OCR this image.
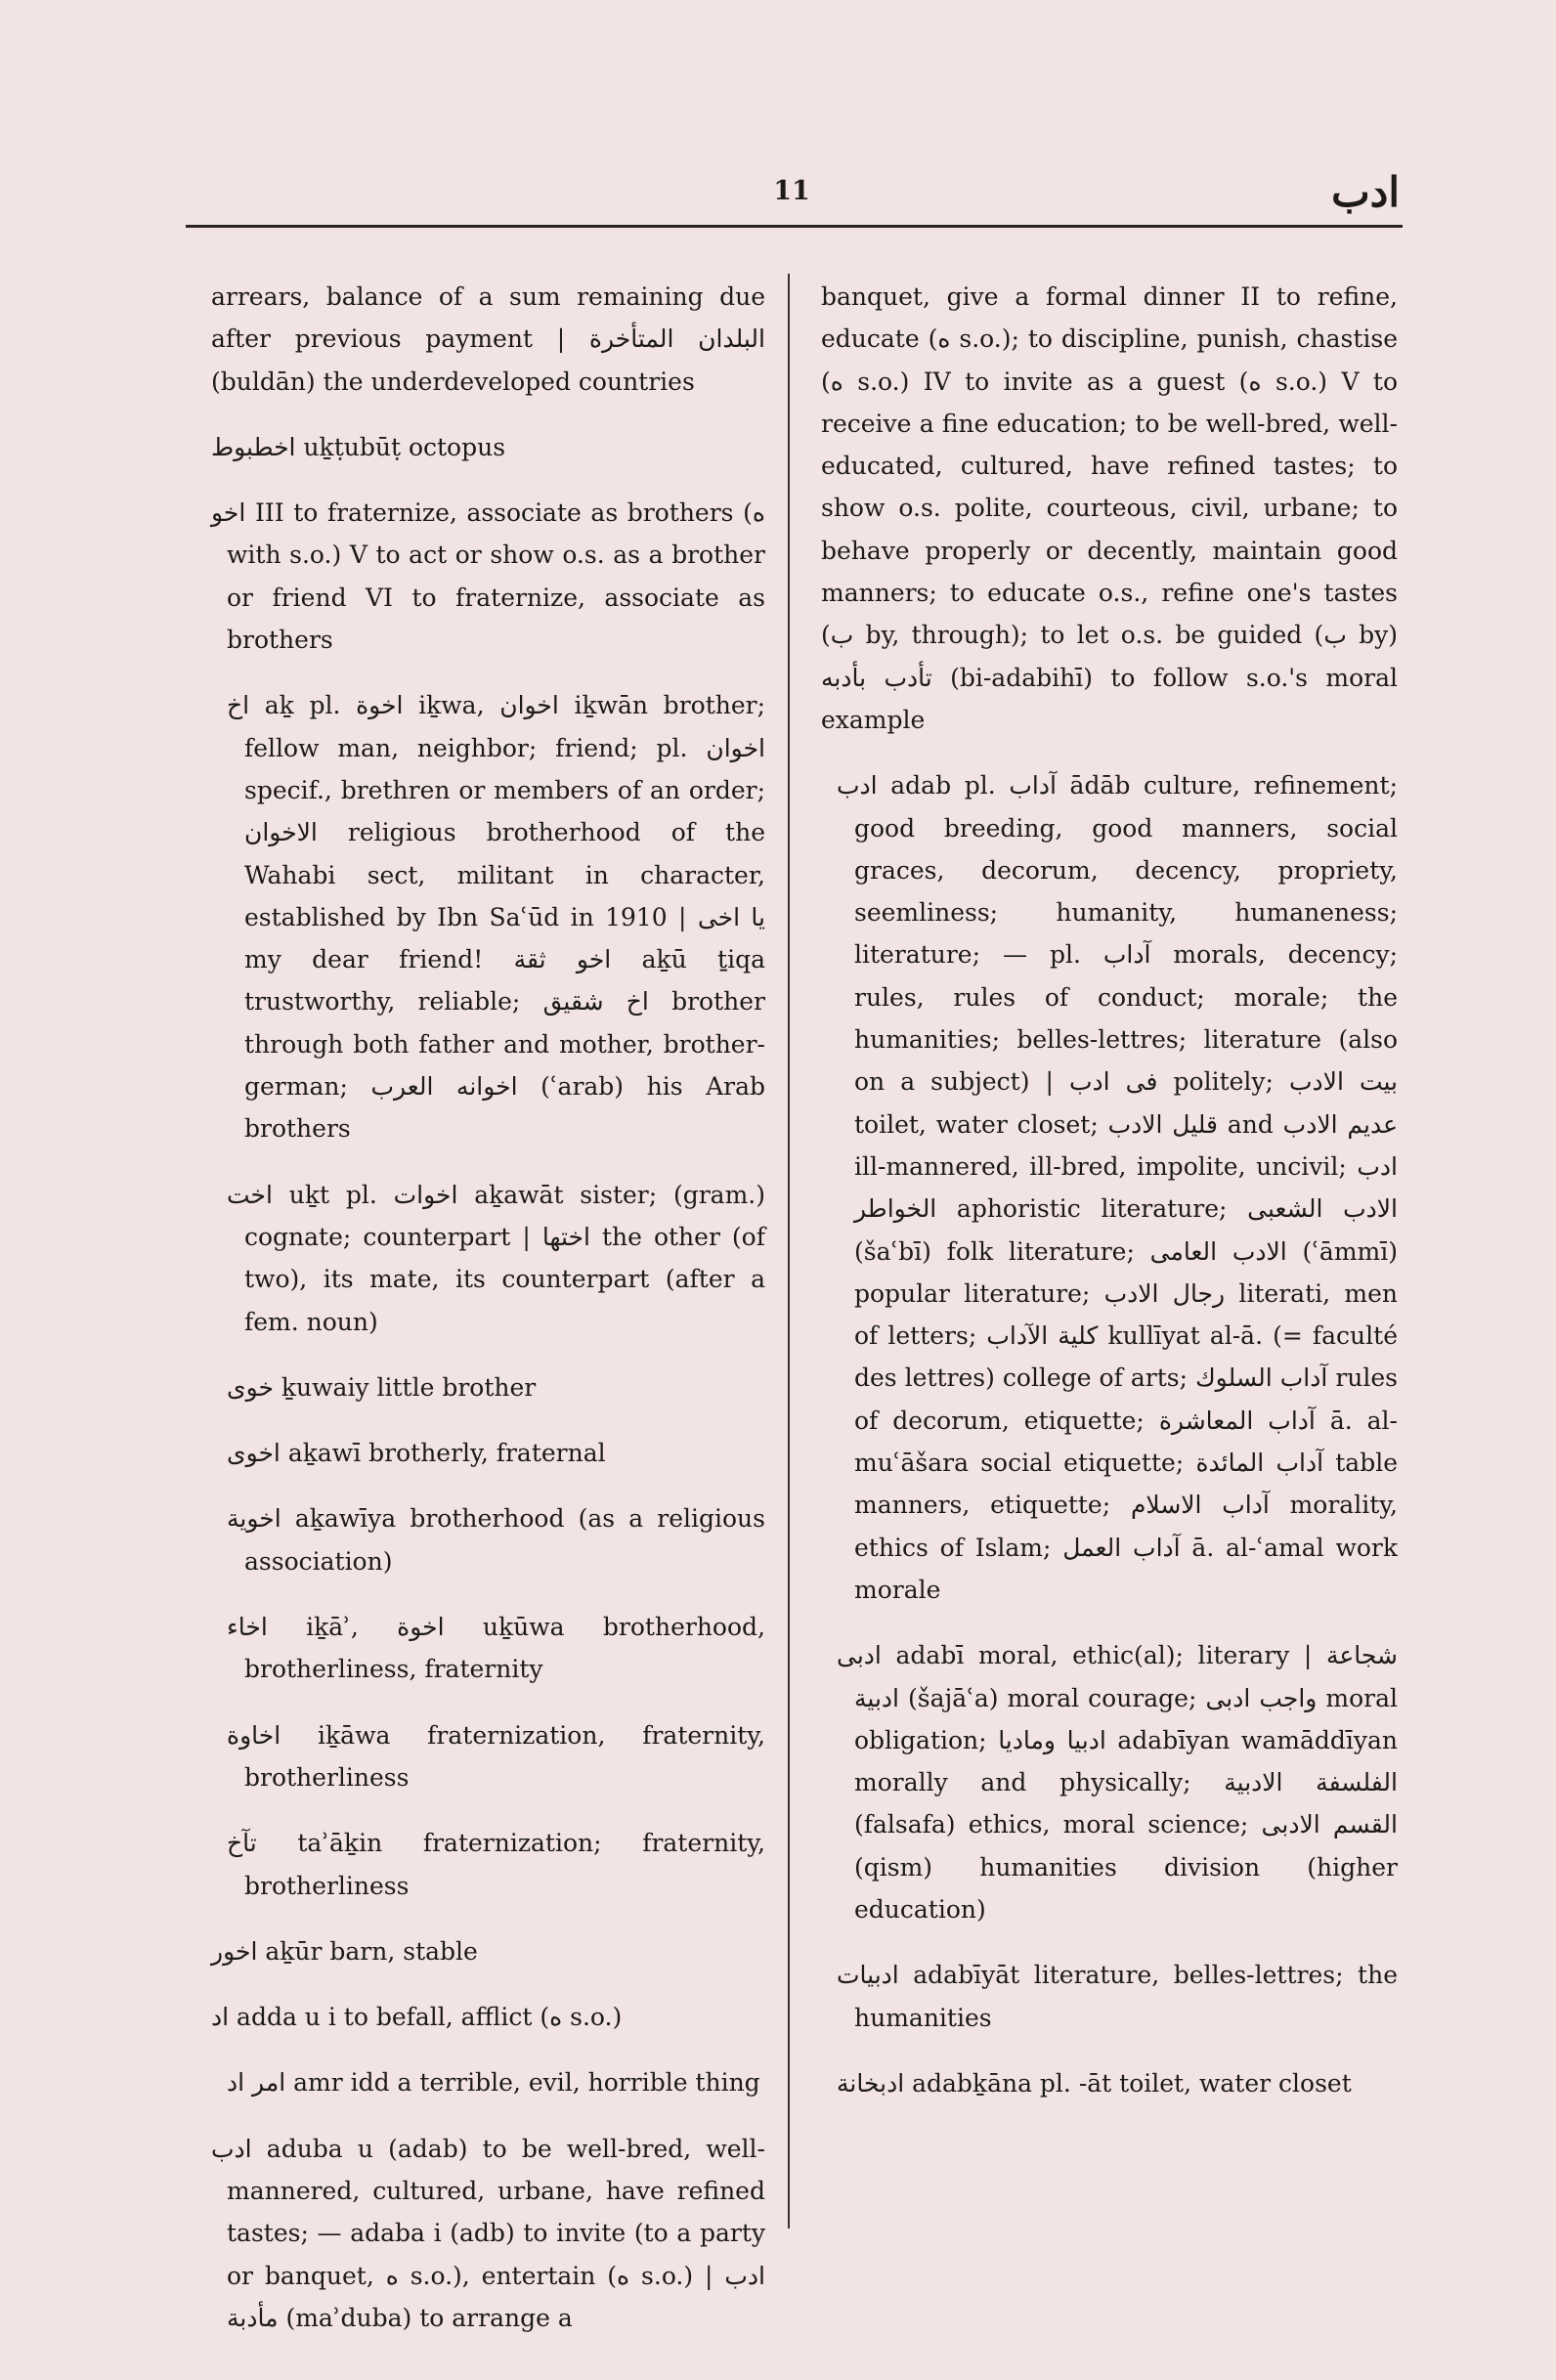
11	ادب

arrears, balance of a sum remaining due after previous payment | البلدان المتأخرة (buldān) the underdeveloped countries

اخطبوط uḵṭubūṭ octopus

اخو III to fraternize, associate as brothers (ه with s.o.) V to act or show o.s. as a brother or friend VI to fraternize, associate as brothers

اخ aḵ pl. اخوة iḵwa, اخوان iḵwān brother; fellow man, neighbor; friend; pl. اخوان specif., brethren or members of an order; الاخوان religious brotherhood of the Wahabi sect, militant in character, established by Ibn Saʿūd in 1910 | يا اخى my dear friend! اخو ثقة aḵū ṯiqa trustworthy, reliable; اخ شقيق brother through both father and mother, brother-german; اخوانه العرب (ʿarab) his Arab brothers

اخت uḵt pl. اخوات aḵawāt sister; (gram.) cognate; counterpart | اختها the other (of two), its mate, its counterpart (after a fem. noun)

خوى ḵuwaiy little brother

اخوى aḵawī brotherly, fraternal

اخوية aḵawīya brotherhood (as a religious association)

اخاء iḵāʾ, اخوة uḵūwa brotherhood, brotherliness, fraternity

اخاوة iḵāwa fraternization, fraternity, brotherliness

تآخ taʾāḵin fraternization; fraternity, brotherliness

اخور aḵūr barn, stable

اد adda u i to befall, afflict (ه s.o.)

امر اد amr idd a terrible, evil, horrible thing

ادب aduba u (adab) to be well-bred, well-mannered, cultured, urbane, have refined tastes; — adaba i (adb) to invite (to a party or banquet, ه s.o.), entertain (ه s.o.) | ادب مأدبة (maʾduba) to arrange a

banquet, give a formal dinner II to refine, educate (ه s.o.); to discipline, punish, chastise (ه s.o.) IV to invite as a guest (ه s.o.) V to receive a fine education; to be well-bred, well-educated, cultured, have refined tastes; to show o.s. polite, courteous, civil, urbane; to behave properly or decently, maintain good manners; to educate o.s., refine one's tastes (ب by, through); to let o.s. be guided (ب by) تأدب بأدبه (bi-adabihī) to follow s.o.'s moral example

ادب adab pl. آداب ādāb culture, refinement; good breeding, good manners, social graces, decorum, decency, propriety, seemliness; humanity, humaneness; literature; — pl. آداب morals, decency; rules, rules of conduct; morale; the humanities; belles-lettres; literature (also on a subject) | فى ادب politely; بيت الادب toilet, water closet; قليل الادب and عديم الادب ill-mannered, ill-bred, impolite, uncivil; ادب الخواطر aphoristic literature; الادب الشعبى (šaʿbī) folk literature; الادب العامى (ʿāmmī) popular literature; رجال الادب literati, men of letters; كلية الآداب kullīyat al-ā. (= faculté des lettres) college of arts; آداب السلوك rules of decorum, etiquette; آداب المعاشرة ā. al-muʿāšara social etiquette; آداب المائدة table manners, etiquette; آداب الاسلام morality, ethics of Islam; آداب العمل ā. al-ʿamal work morale

ادبى adabī moral, ethic(al); literary | شجاعة ادبية (šajāʿa) moral courage; واجب ادبى moral obligation; ادبيا وماديا adabīyan wamāddīyan morally and physically; الفلسفة الادبية (falsafa) ethics, moral science; القسم الادبى (qism) humanities division (higher education)

ادبيات adabīyāt literature, belles-lettres; the humanities

ادبخانة adabḵāna pl. -āt toilet, water closet
